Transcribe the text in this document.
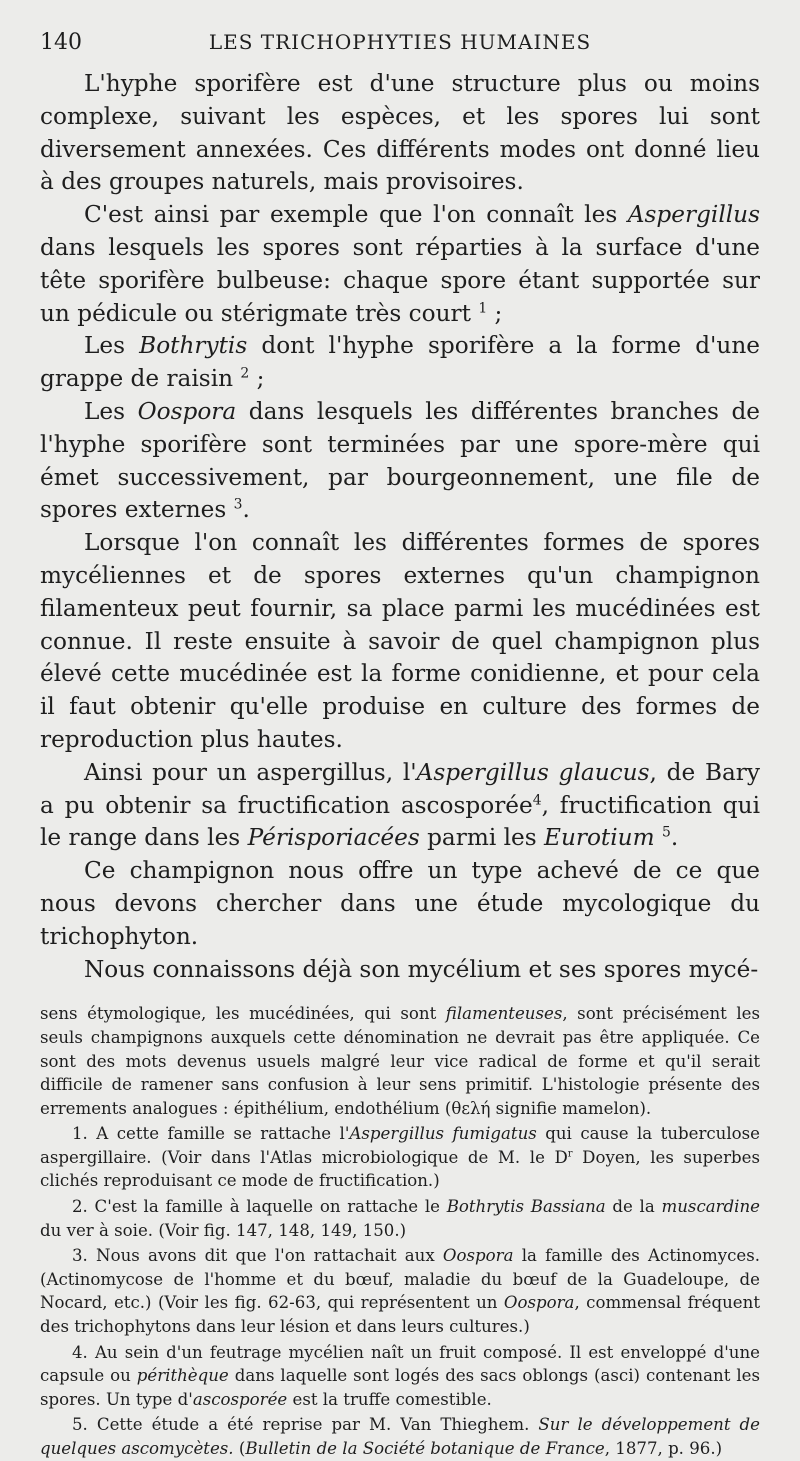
140	LES TRICHOPHYTIES HUMAINES

L'hyphe sporifère est d'une structure plus ou moins complexe, suivant les espèces, et les spores lui sont diversement annexées. Ces différents modes ont donné lieu à des groupes naturels, mais provisoires.

C'est ainsi par exemple que l'on connaît les Aspergillus dans lesquels les spores sont réparties à la surface d'une tête sporifère bulbeuse: chaque spore étant supportée sur un pédicule ou stérigmate très court $^1$ ;

Les Bothrytis dont l'hyphe sporifère a la forme d'une grappe de raisin $^2$ ;

Les Oospora dans lesquels les différentes branches de l'hyphe sporifère sont terminées par une spore-mère qui émet successivement, par bourgeonnement, une file de spores externes $^3$.

Lorsque l'on connaît les différentes formes de spores mycéliennes et de spores externes qu'un champignon filamenteux peut fournir, sa place parmi les mucédinées est connue. Il reste ensuite à savoir de quel champignon plus élevé cette mucédinée est la forme conidienne, et pour cela il faut obtenir qu'elle produise en culture des formes de reproduction plus hautes.

Ainsi pour un aspergillus, l'Aspergillus glaucus, de Bary a pu obtenir sa fructification ascosporée$^4$, fructification qui le range dans les Périsporiacées parmi les Eurotium $^5$.

Ce champignon nous offre un type achevé de ce que nous devons chercher dans une étude mycologique du trichophyton.

Nous connaissons déjà son mycélium et ses spores mycé-

sens étymologique, les mucédinées, qui sont filamenteuses, sont précisément les seuls champignons auxquels cette dénomination ne devrait pas être appliquée. Ce sont des mots devenus usuels malgré leur vice radical de forme et qu'il serait difficile de ramener sans confusion à leur sens primitif. L'histologie présente des errements analogues : épithélium, endothélium (θελή signifie mamelon).

1. A cette famille se rattache l'Aspergillus fumigatus qui cause la tuberculose aspergillaire. (Voir dans l'Atlas microbiologique de M. le $D^r$ Doyen, les superbes clichés reproduisant ce mode de fructification.)

2. C'est la famille à laquelle on rattache le Bothrytis Bassiana de la muscardine du ver à soie. (Voir fig. 147, 148, 149, 150.)

3. Nous avons dit que l'on rattachait aux Oospora la famille des Actinomyces. (Actinomycose de l'homme et du bœuf, maladie du bœuf de la Guadeloupe, de Nocard, etc.) (Voir les fig. 62-63, qui représentent un Oospora, commensal fréquent des trichophytons dans leur lésion et dans leurs cultures.)

4. Au sein d'un feutrage mycélien naît un fruit composé. Il est enveloppé d'une capsule ou périthèque dans laquelle sont logés des sacs oblongs (asci) contenant les spores. Un type d'ascosporée est la truffe comestible.

5. Cette étude a été reprise par M. Van Thieghem. Sur le développement de quelques ascomycètes. (Bulletin de la Société botanique de France, 1877, p. 96.)
